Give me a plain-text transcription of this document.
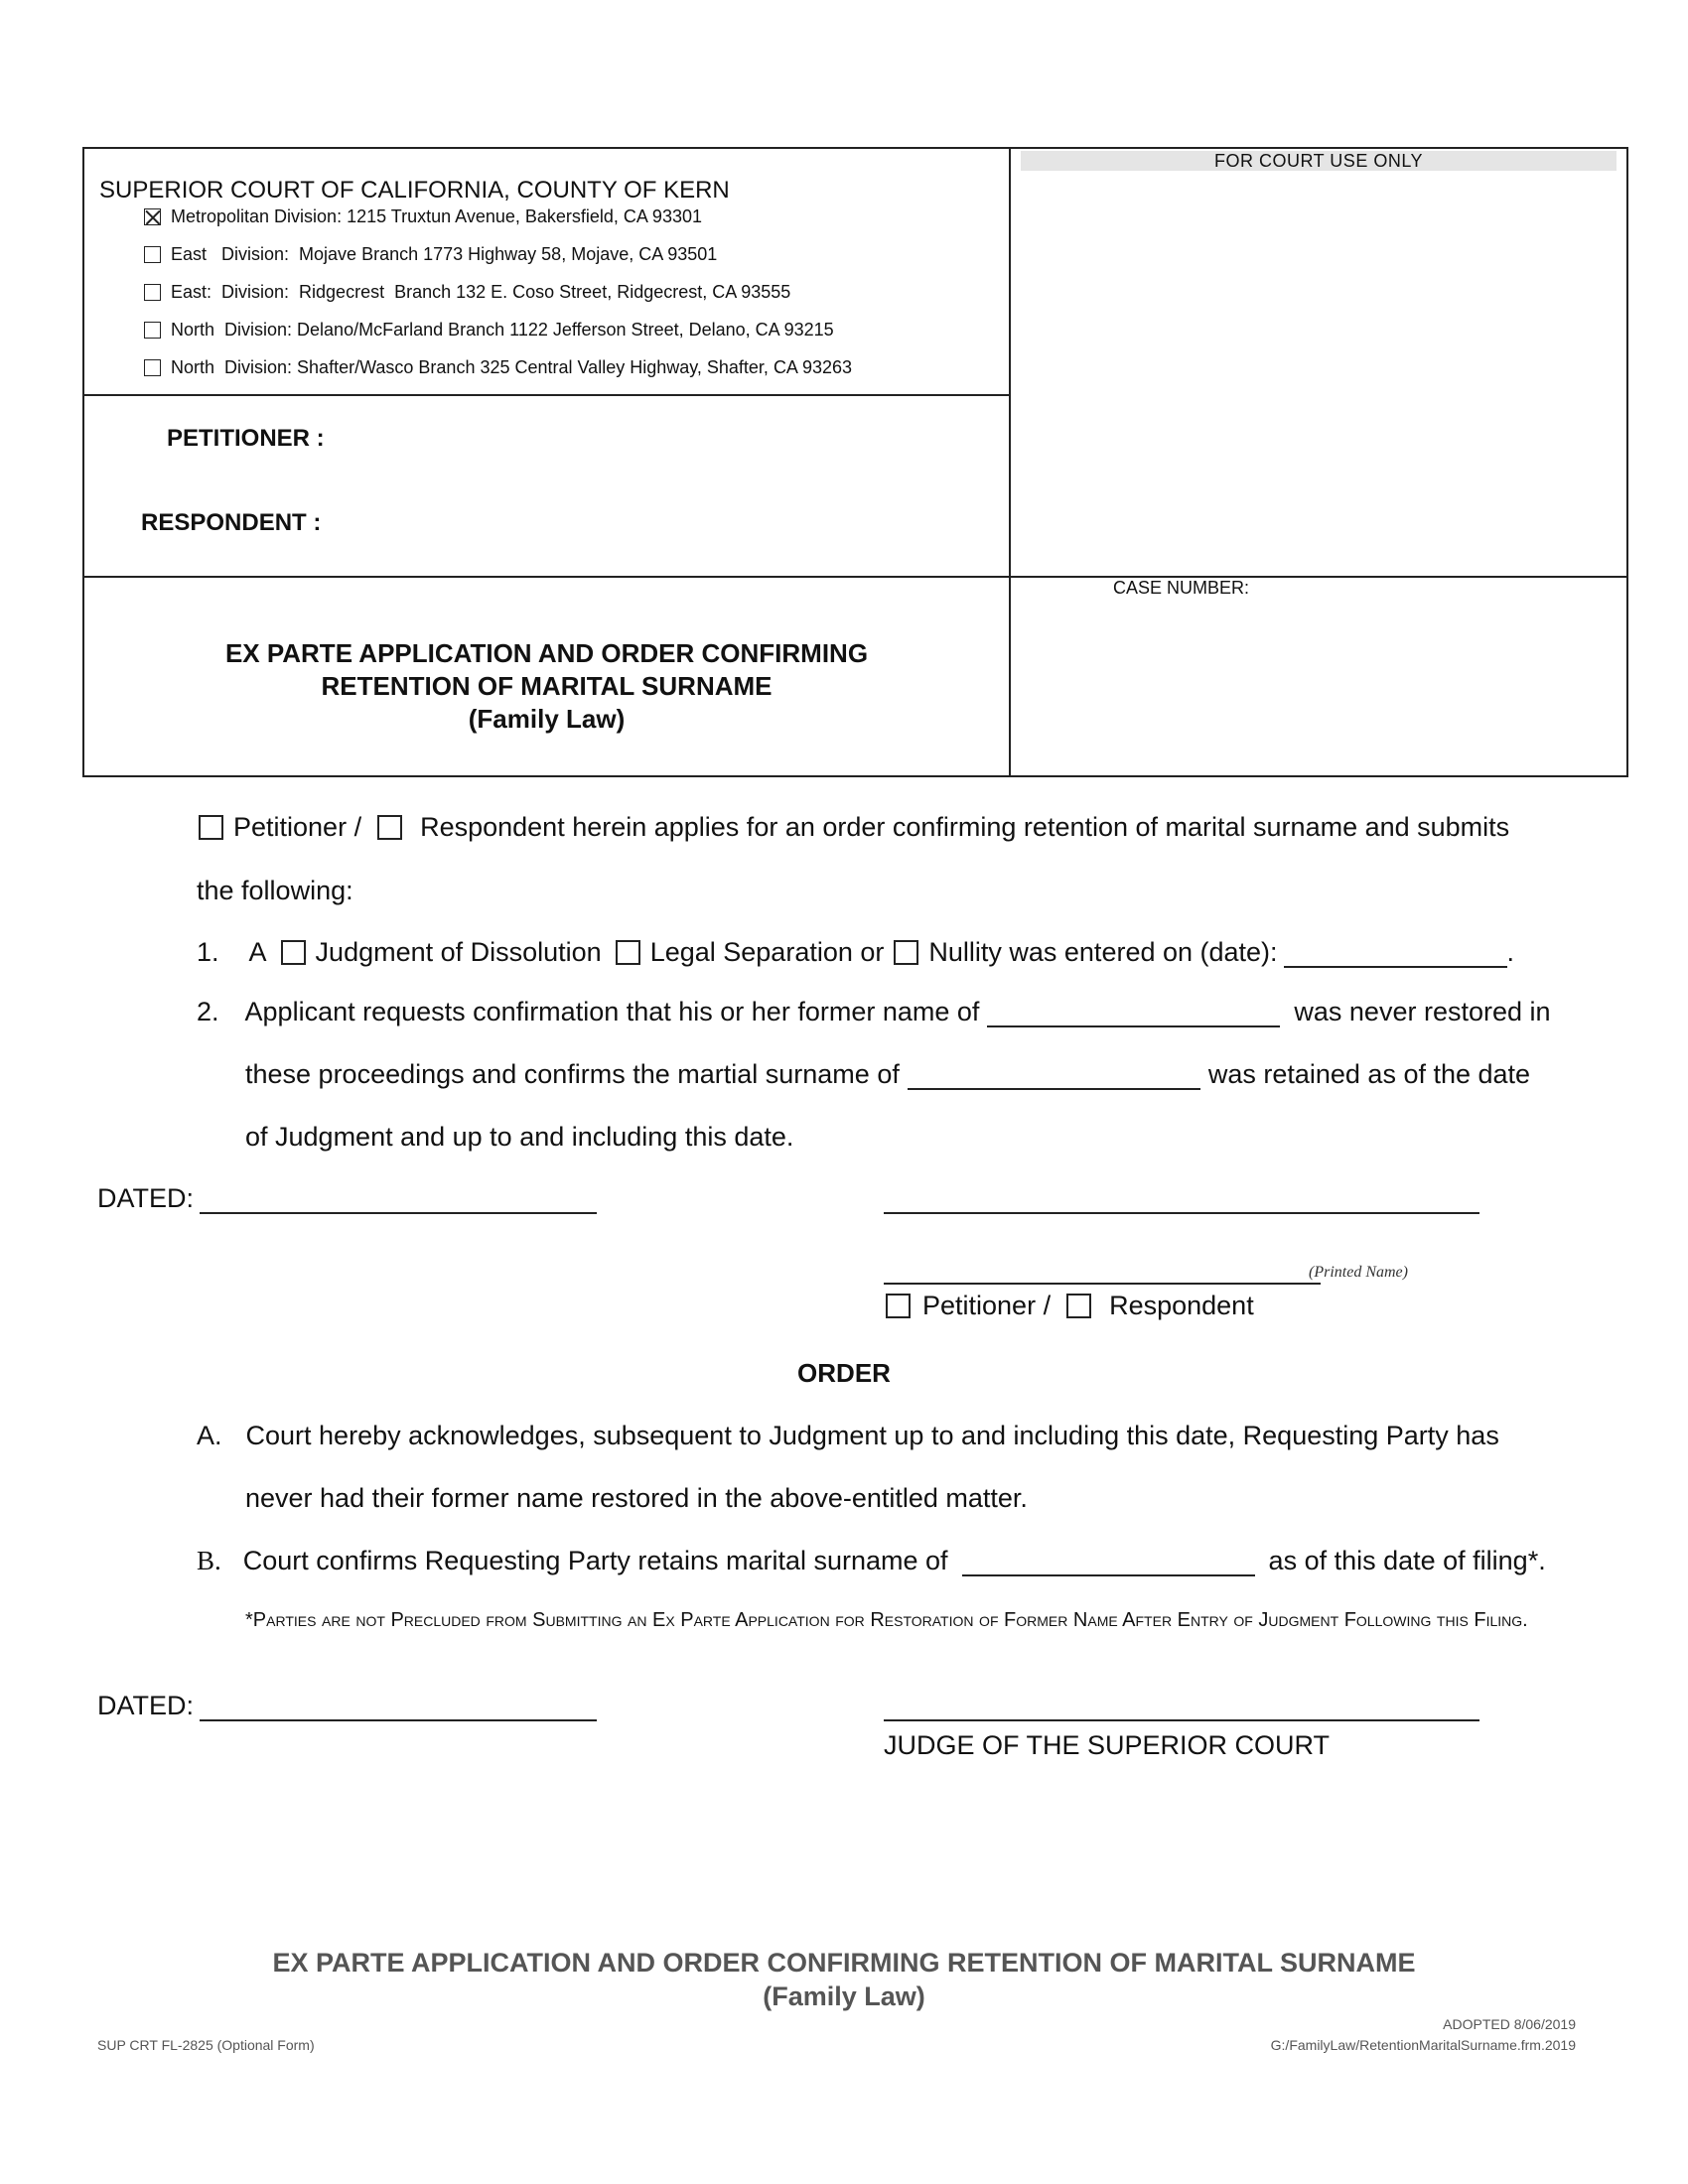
FOR COURT USE ONLY
SUPERIOR COURT OF CALIFORNIA, COUNTY OF KERN
Metropolitan Division: 1215 Truxtun Avenue, Bakersfield, CA 93301
East   Division:  Mojave Branch 1773 Highway 58, Mojave, CA 93501
East:  Division:  Ridgecrest  Branch 132 E. Coso Street, Ridgecrest, CA 93555
North  Division: Delano/McFarland Branch 1122 Jefferson Street, Delano, CA 93215
North  Division: Shafter/Wasco Branch 325 Central Valley Highway, Shafter, CA 93263
PETITIONER :
RESPONDENT :
CASE NUMBER:
EX PARTE APPLICATION AND ORDER CONFIRMING
RETENTION OF MARITAL SURNAME
(Family Law)
Petitioner / Respondent herein applies for an order confirming retention of marital surname and submits
the following:
1. A Judgment of Dissolution Legal Separation or Nullity was entered on (date):	.
2. Applicant requests confirmation that his or her former name of	was never restored in
these proceedings and confirms the martial surname of	was retained as of the date
of Judgment and up to and including this date.
DATED:
(Printed Name)
Petitioner / Respondent
ORDER
A. Court hereby acknowledges, subsequent to Judgment up to and including this date, Requesting Party has
never had their former name restored in the above-entitled matter.
B. Court confirms Requesting Party retains marital surname of	as of this date of filing*.
*Parties are not Precluded from Submitting an Ex Parte Application for Restoration of Former Name After Entry of Judgment Following this Filing.
DATED:
JUDGE OF THE SUPERIOR COURT
EX PARTE APPLICATION AND ORDER CONFIRMING RETENTION OF MARITAL SURNAME
(Family Law)
ADOPTED 8/06/2019
SUP CRT FL-2825 (Optional Form)	G:/FamilyLaw/RetentionMaritalSurname.frm.2019
